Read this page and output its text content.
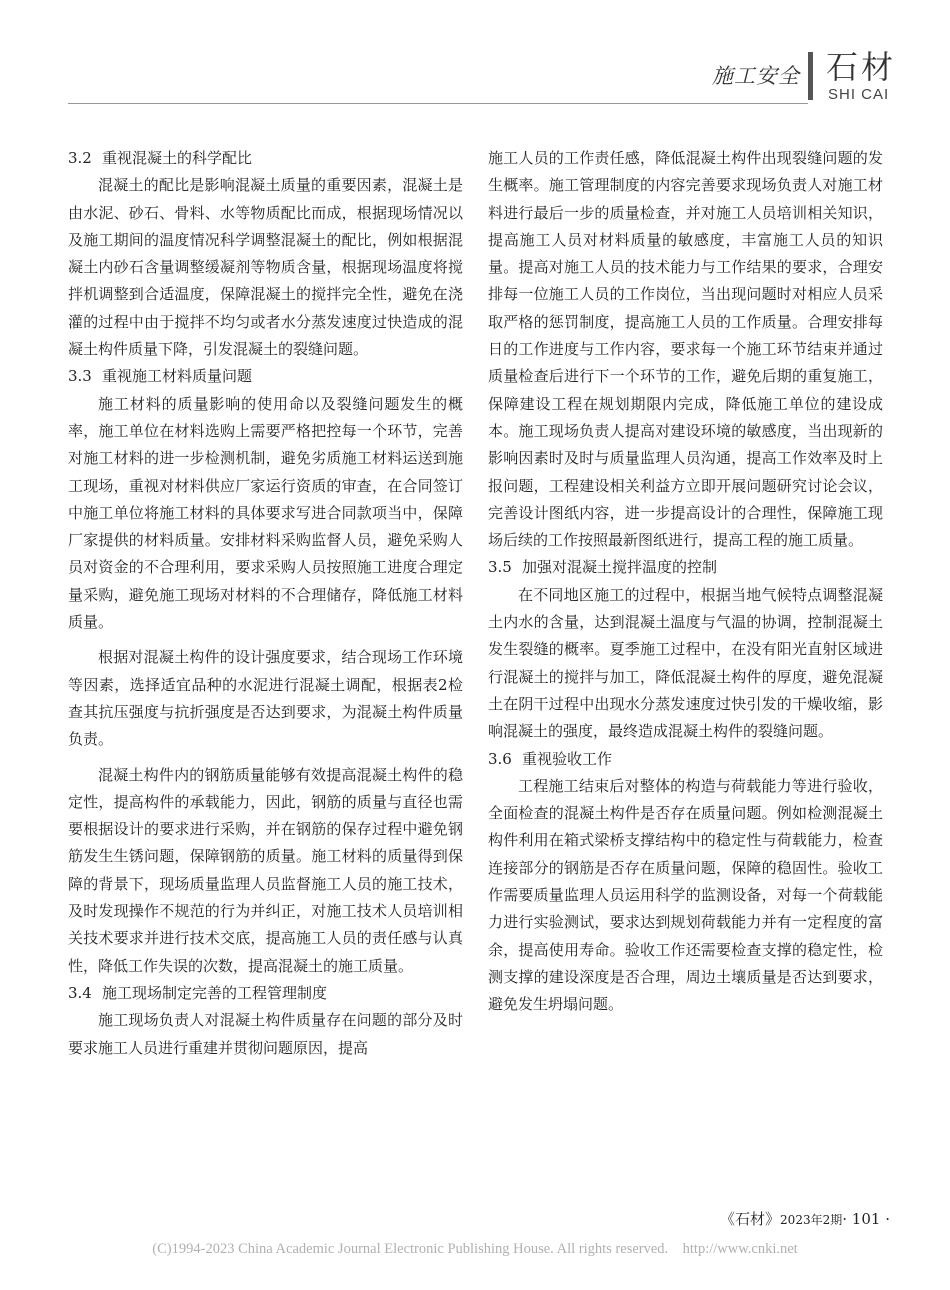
施工安全 石材
SHI CAI
3.2 重视混凝土的科学配比

混凝土的配比是影响混凝土质量的重要因素，混凝土是由水泥、砂石、骨料、水等物质配比而成，根据现场情况以及施工期间的温度情况科学调整混凝土的配比，例如根据混凝土内砂石含量调整缓凝剂等物质含量，根据现场温度将搅拌机调整到合适温度，保障混凝土的搅拌完全性，避免在浇灌的过程中由于搅拌不均匀或者水分蒸发速度过快造成的混凝土构件质量下降，引发混凝土的裂缝问题。

3.3 重视施工材料质量问题

施工材料的质量影响的使用命以及裂缝问题发生的概率，施工单位在材料选购上需要严格把控每一个环节，完善对施工材料的进一步检测机制，避免劣质施工材料运送到施工现场，重视对材料供应厂家运行资质的审查，在合同签订中施工单位将施工材料的具体要求写进合同款项当中，保障厂家提供的材料质量。安排材料采购监督人员，避免采购人员对资金的不合理利用，要求采购人员按照施工进度合理定量采购，避免施工现场对材料的不合理储存，降低施工材料质量。

根据对混凝土构件的设计强度要求，结合现场工作环境等因素，选择适宜品种的水泥进行混凝土调配，根据表2检查其抗压强度与抗折强度是否达到要求，为混凝土构件质量负责。

混凝土构件内的钢筋质量能够有效提高混凝土构件的稳定性，提高构件的承载能力，因此，钢筋的质量与直径也需要根据设计的要求进行采购，并在钢筋的保存过程中避免钢筋发生生锈问题，保障钢筋的质量。施工材料的质量得到保障的背景下，现场质量监理人员监督施工人员的施工技术，及时发现操作不规范的行为并纠正，对施工技术人员培训相关技术要求并进行技术交底，提高施工人员的责任感与认真性，降低工作失误的次数，提高混凝土的施工质量。

3.4 施工现场制定完善的工程管理制度

施工现场负责人对混凝土构件质量存在问题的部分及时要求施工人员进行重建并贯彻问题原因，提高

施工人员的工作责任感，降低混凝土构件出现裂缝问题的发生概率。施工管理制度的内容完善要求现场负责人对施工材料进行最后一步的质量检查，并对施工人员培训相关知识，提高施工人员对材料质量的敏感度，丰富施工人员的知识量。提高对施工人员的技术能力与工作结果的要求，合理安排每一位施工人员的工作岗位，当出现问题时对相应人员采取严格的惩罚制度，提高施工人员的工作质量。合理安排每日的工作进度与工作内容，要求每一个施工环节结束并通过质量检查后进行下一个环节的工作，避免后期的重复施工，保障建设工程在规划期限内完成，降低施工单位的建设成本。施工现场负责人提高对建设环境的敏感度，当出现新的影响因素时及时与质量监理人员沟通，提高工作效率及时上报问题，工程建设相关利益方立即开展问题研究讨论会议，完善设计图纸内容，进一步提高设计的合理性，保障施工现场后续的工作按照最新图纸进行，提高工程的施工质量。

3.5 加强对混凝土搅拌温度的控制

在不同地区施工的过程中，根据当地气候特点调整混凝土内水的含量，达到混凝土温度与气温的协调，控制混凝土发生裂缝的概率。夏季施工过程中，在没有阳光直射区域进行混凝土的搅拌与加工，降低混凝土构件的厚度，避免混凝土在阴干过程中出现水分蒸发速度过快引发的干燥收缩，影响混凝土的强度，最终造成混凝土构件的裂缝问题。

3.6 重视验收工作

工程施工结束后对整体的构造与荷载能力等进行验收，全面检查的混凝土构件是否存在质量问题。例如检测混凝土构件利用在箱式梁桥支撑结构中的稳定性与荷载能力，检查连接部分的钢筋是否存在质量问题，保障的稳固性。验收工作需要质量监理人员运用科学的监测设备，对每一个荷载能力进行实验测试，要求达到规划荷载能力并有一定程度的富余，提高使用寿命。验收工作还需要检查支撑的稳定性，检测支撑的建设深度是否合理，周边土壤质量是否达到要求，避免发生坍塌问题。

《石材》2023年2期· 101 ·
(C)1994-2023 China Academic Journal Electronic Publishing House. All rights reserved.    http://www.cnki.net
